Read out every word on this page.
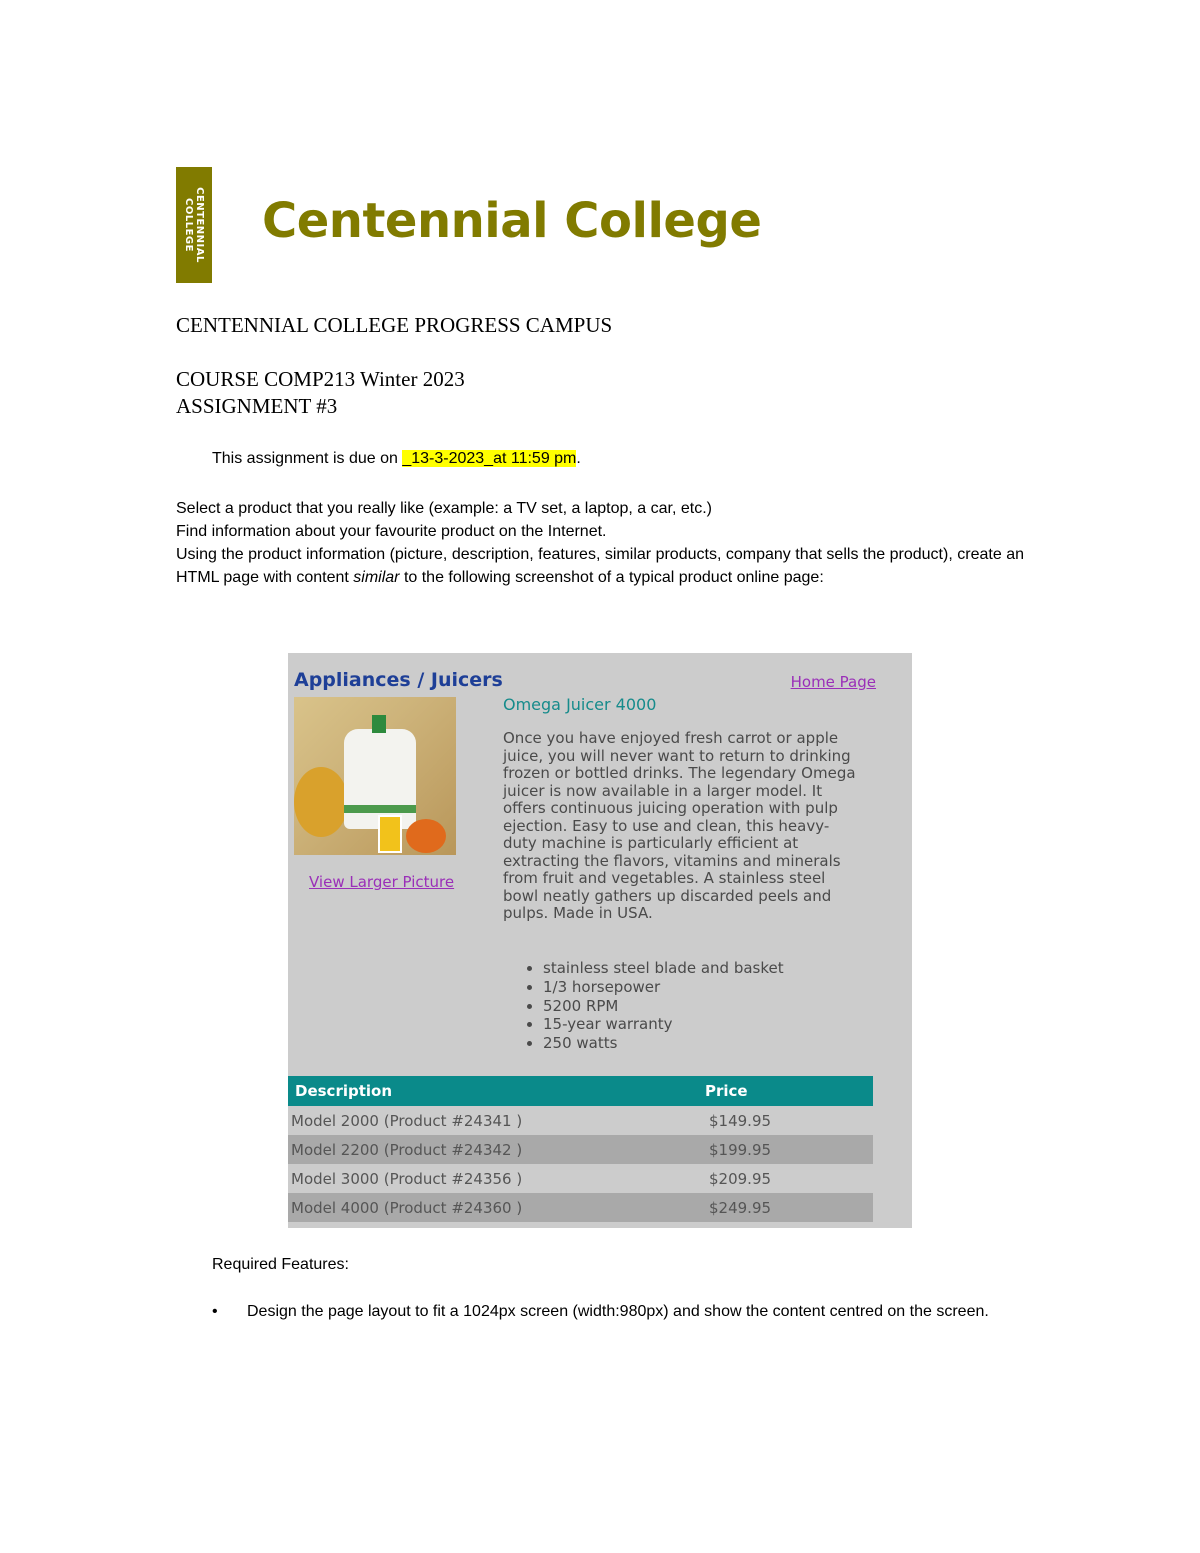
CENTENNIAL
COLLEGE Centennial College
CENTENNIAL COLLEGE PROGRESS CAMPUS
COURSE COMP213 Winter 2023
ASSIGNMENT #3
This assignment is due on _13-3-2023_at 11:59 pm.
Select a product that you really like (example: a TV set, a laptop, a car, etc.)
Find information about your favourite product on the Internet.
Using the product information (picture, description, features, similar products, company that sells the product), create an HTML page with content similar to the following screenshot of a typical product online page:
Appliances / Juicers	Home Page
View Larger Picture
Omega Juicer 4000
Once you have enjoyed fresh carrot or apple juice, you will never want to return to drinking frozen or bottled drinks. The legendary Omega juicer is now available in a larger model. It offers continuous juicing operation with pulp ejection. Easy to use and clean, this heavy-duty machine is particularly efficient at extracting the flavors, vitamins and minerals from fruit and vegetables. A stainless steel bowl neatly gathers up discarded peels and pulps. Made in USA.
• stainless steel blade and basket
• 1/3 horsepower
• 5200 RPM
• 15-year warranty
• 250 watts
Description	Price
Model 2000 (Product #24341 )	$149.95
Model 2200 (Product #24342 )	$199.95
Model 3000 (Product #24356 )	$209.95
Model 4000 (Product #24360 )	$249.95
Required Features:
• Design the page layout to fit a 1024px screen (width:980px) and show the content centred on the screen.
